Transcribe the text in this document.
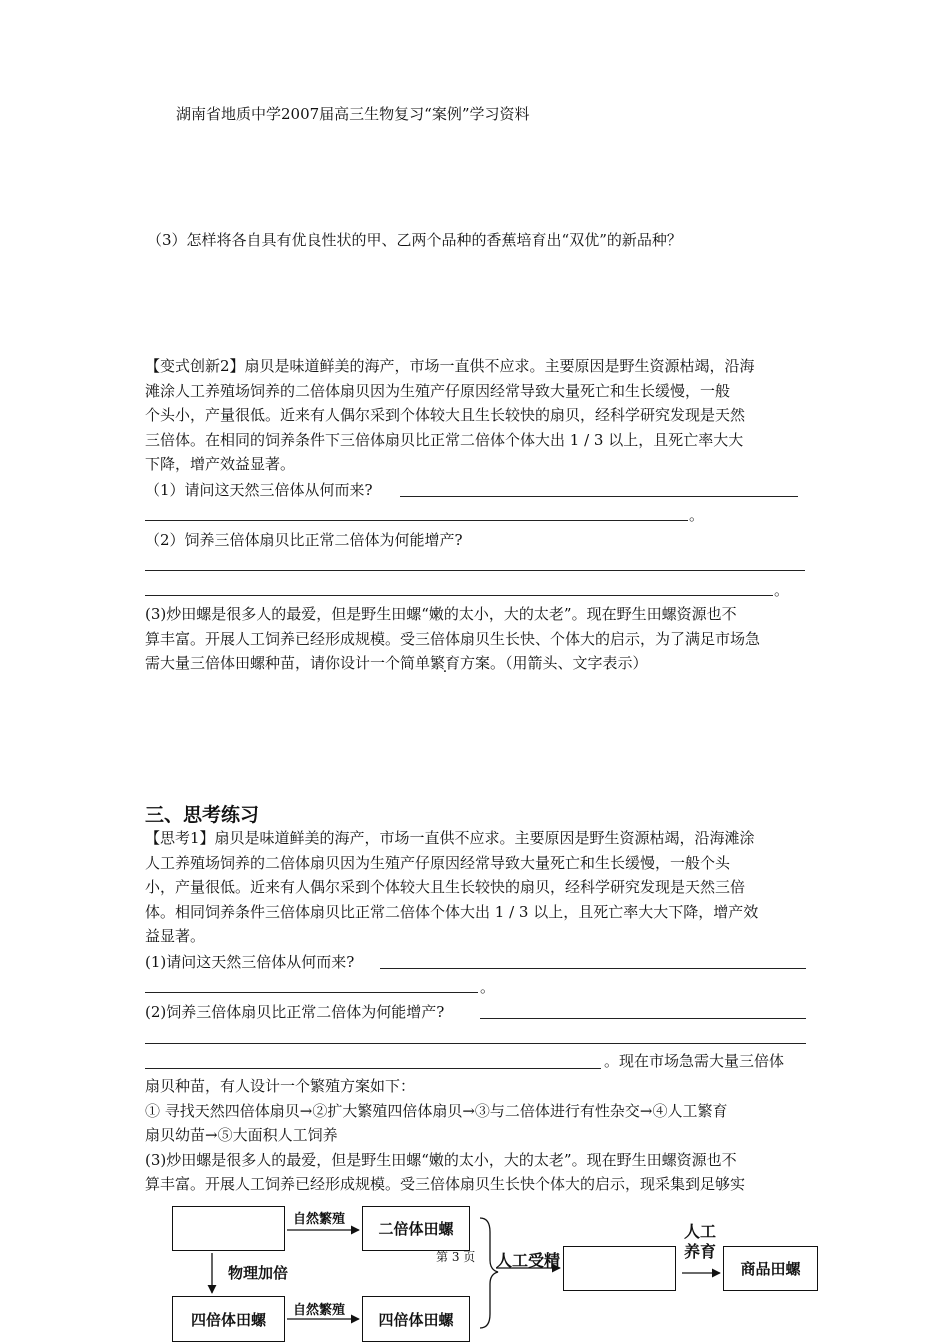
湖南省地质中学2007届高三生物复习“案例”学习资料
（3）怎样将各自具有优良性状的甲、乙两个品种的香蕉培育出“双优”的新品种？
【变式创新2】扇贝是味道鲜美的海产，市场一直供不应求。主要原因是野生资源枯竭，沿海
滩涂人工养殖场饲养的二倍体扇贝因为生殖产仔原因经常导致大量死亡和生长缓慢，一般
个头小，产量很低。近来有人偶尔采到个体较大且生长较快的扇贝，经科学研究发现是天然
三倍体。在相同的饲养条件下三倍体扇贝比正常二倍体个体大出 1 / 3 以上，且死亡率大大
下降，增产效益显著。
（1）请问这天然三倍体从何而来?
。
（2）饲养三倍体扇贝比正常二倍体为何能增产?
。
(3)炒田螺是很多人的最爱，但是野生田螺“嫩的太小，大的太老”。现在野生田螺资源也不
算丰富。开展人工饲养已经形成规模。受三倍体扇贝生长快、个体大的启示，为了满足市场急
需大量三倍体田螺种苗，请你设计一个简单繁育方案 ·。（用箭头、文字表示）
三、思考练习
【思考1】扇贝是味道鲜美的海产，市场一直供不应求。主要原因是野生资源枯竭，沿海滩涂
人工养殖场饲养的二倍体扇贝因为生殖产仔原因经常导致大量死亡和生长缓慢，一般个头
小，产量很低。近来有人偶尔采到个体较大且生长较快的扇贝，经科学研究发现是天然三倍
体。相同饲养条件三倍体扇贝比正常二倍体个体大出 1 / 3 以上，且死亡率大大下降，增产效
益显著。
(1)请问这天然三倍体从何而来?
。
(2)饲养三倍体扇贝比正常二倍体为何能增产?
。现在市场急需大量三倍体
扇贝种苗，有人设计一个繁殖方案如下：
① 寻找天然四倍体扇贝→②扩大繁殖四倍体扇贝→③与二倍体进行有性杂交→④人工繁育
扇贝幼苗→⑤大面积人工饲养
(3)炒田螺是很多人的最爱，但是野生田螺“嫩的太小，大的太老”。现在野生田螺资源也不
算丰富。开展人工饲养已经形成规模。受三倍体扇贝生长快个体大的启示，现采集到足够实
自然繁殖
二倍体田螺
物理加倍
四倍体田螺 自然繁殖 四倍体田螺
第 3 页 人工受精
人工
养育
商品田螺
